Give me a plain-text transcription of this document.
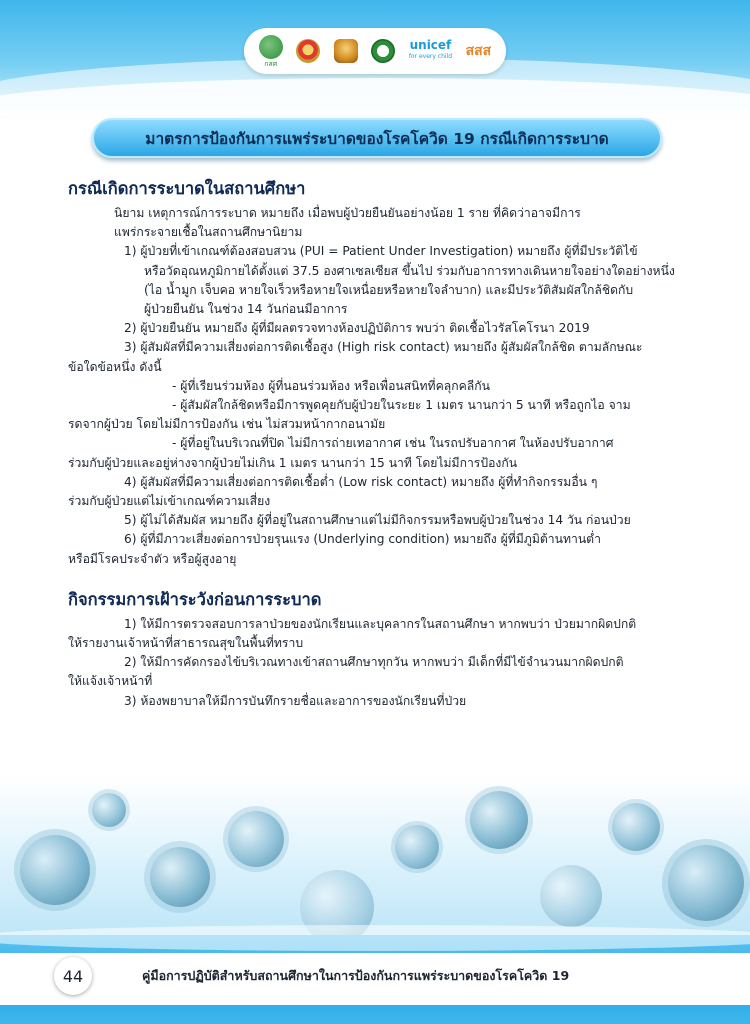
กสศ
unicef
for every child สสส
มาตรการป้องกันการแพร่ระบาดของโรคโควิด 19 กรณีเกิดการระบาด
กรณีเกิดการระบาดในสถานศึกษา

นิยาม เหตุการณ์การระบาด หมายถึง เมื่อพบผู้ป่วยยืนยันอย่างน้อย 1 ราย ที่คิดว่าอาจมีการ

แพร่กระจายเชื้อในสถานศึกษานิยาม

1) ผู้ป่วยที่เข้าเกณฑ์ต้องสอบสวน (PUI = Patient Under Investigation) หมายถึง ผู้ที่มีประวัติไข้

หรือวัดอุณหภูมิกายได้ตั้งแต่ 37.5 องศาเซลเซียส ขึ้นไป ร่วมกับอาการทางเดินหายใจอย่างใดอย่างหนึ่ง

(ไอ น้ำมูก เจ็บคอ หายใจเร็วหรือหายใจเหนื่อยหรือหายใจลำบาก) และมีประวัติสัมผัสใกล้ชิดกับ

ผู้ป่วยยืนยัน ในช่วง 14 วันก่อนมีอาการ

2) ผู้ป่วยยืนยัน หมายถึง ผู้ที่มีผลตรวจทางห้องปฏิบัติการ พบว่า ติดเชื้อไวรัสโคโรนา 2019

3) ผู้สัมผัสที่มีความเสี่ยงต่อการติดเชื้อสูง (High risk contact) หมายถึง ผู้สัมผัสใกล้ชิด ตามลักษณะ

ข้อใดข้อหนึ่ง ดังนี้

- ผู้ที่เรียนร่วมห้อง ผู้ที่นอนร่วมห้อง หรือเพื่อนสนิทที่คลุกคลีกัน

- ผู้สัมผัสใกล้ชิดหรือมีการพูดคุยกับผู้ป่วยในระยะ 1 เมตร นานกว่า 5 นาที หรือถูกไอ จาม

รดจากผู้ป่วย โดยไม่มีการป้องกัน เช่น ไม่สวมหน้ากากอนามัย

- ผู้ที่อยู่ในบริเวณที่ปิด ไม่มีการถ่ายเทอากาศ เช่น ในรถปรับอากาศ ในห้องปรับอากาศ

ร่วมกับผู้ป่วยและอยู่ห่างจากผู้ป่วยไม่เกิน 1 เมตร นานกว่า 15 นาที โดยไม่มีการป้องกัน

4) ผู้สัมผัสที่มีความเสี่ยงต่อการติดเชื้อต่ำ (Low risk contact) หมายถึง ผู้ที่ทำกิจกรรมอื่น ๆ

ร่วมกับผู้ป่วยแต่ไม่เข้าเกณฑ์ความเสี่ยง

5) ผู้ไม่ได้สัมผัส หมายถึง ผู้ที่อยู่ในสถานศึกษาแต่ไม่มีกิจกรรมหรือพบผู้ป่วยในช่วง 14 วัน ก่อนป่วย

6) ผู้ที่มีภาวะเสี่ยงต่อการป่วยรุนแรง (Underlying condition) หมายถึง ผู้ที่มีภูมิต้านทานต่ำ

หรือมีโรคประจำตัว หรือผู้สูงอายุ

กิจกรรมการเฝ้าระวังก่อนการระบาด

1) ให้มีการตรวจสอบการลาป่วยของนักเรียนและบุคลากรในสถานศึกษา หากพบว่า ป่วยมากผิดปกติ

ให้รายงานเจ้าหน้าที่สาธารณสุขในพื้นที่ทราบ

2) ให้มีการคัดกรองไข้บริเวณทางเข้าสถานศึกษาทุกวัน หากพบว่า มีเด็กที่มีไข้จำนวนมากผิดปกติ

ให้แจ้งเจ้าหน้าที่

3) ห้องพยาบาลให้มีการบันทึกรายชื่อและอาการของนักเรียนที่ป่วย

44	คู่มือการปฏิบัติสำหรับสถานศึกษาในการป้องกันการแพร่ระบาดของโรคโควิด 19
